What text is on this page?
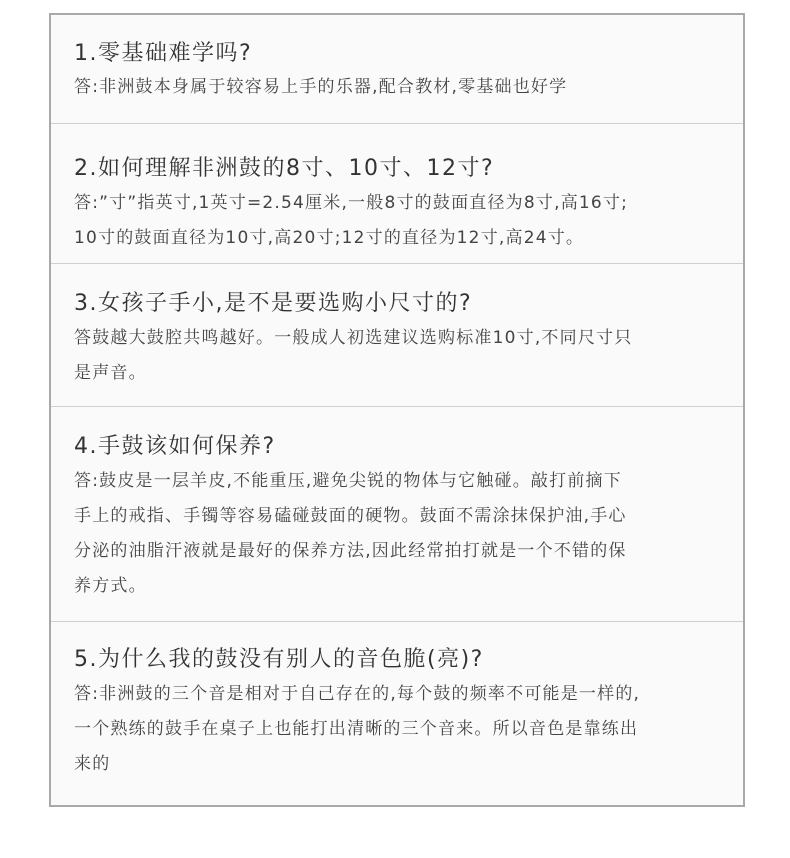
1.零基础难学吗?
答:非洲鼓本身属于较容易上手的乐器,配合教材,零基础也好学
2.如何理解非洲鼓的8寸、10寸、12寸?
答:”寸”指英寸,1英寸=2.54厘米,一般8寸的鼓面直径为8寸,高16寸;
10寸的鼓面直径为10寸,高20寸;12寸的直径为12寸,高24寸。
3.女孩子手小,是不是要选购小尺寸的?
答鼓越大鼓腔共鸣越好。一般成人初选建议选购标准10寸,不同尺寸只
是声音。
4.手鼓该如何保养?
答:鼓皮是一层羊皮,不能重压,避免尖锐的物体与它触碰。敲打前摘下
手上的戒指、手镯等容易磕碰鼓面的硬物。鼓面不需涂抹保护油,手心
分泌的油脂汗液就是最好的保养方法,因此经常拍打就是一个不错的保
养方式。
5.为什么我的鼓没有别人的音色脆(亮)?
答:非洲鼓的三个音是相对于自己存在的,每个鼓的频率不可能是一样的,
一个熟练的鼓手在桌子上也能打出清晰的三个音来。所以音色是靠练出
来的
